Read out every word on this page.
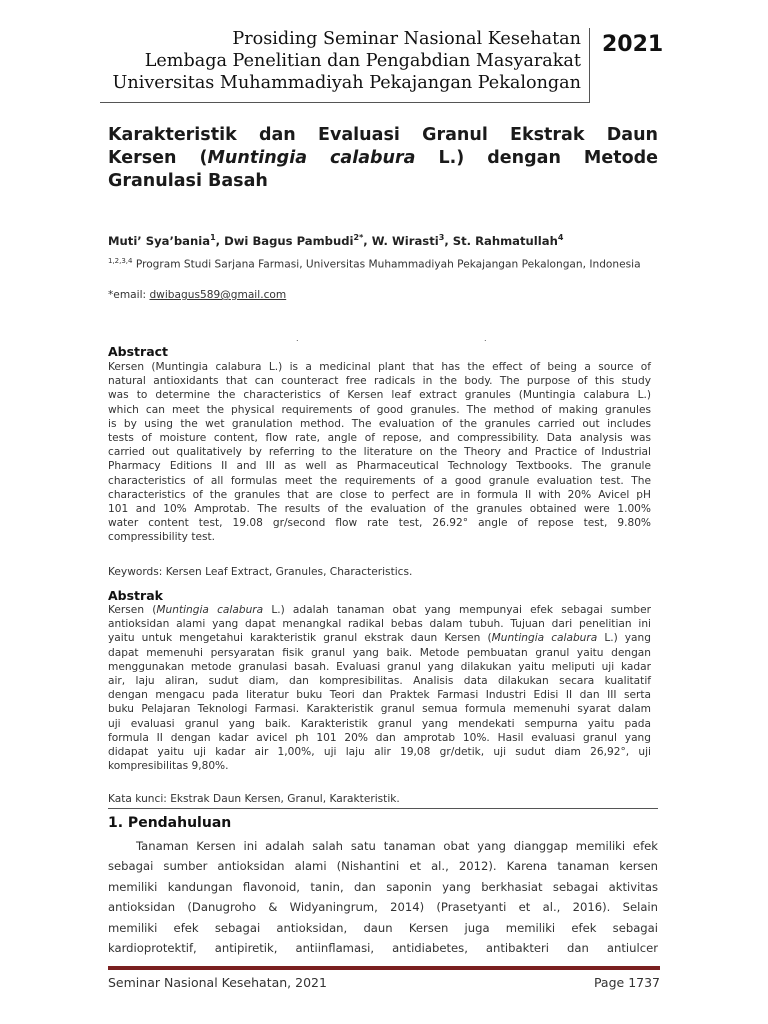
Prosiding Seminar Nasional Kesehatan
Lembaga Penelitian dan Pengabdian Masyarakat
Universitas Muhammadiyah Pekajangan Pekalongan
2021
Karakteristik dan Evaluasi Granul Ekstrak Daun
Kersen (Muntingia calabura L.) dengan Metode
Granulasi Basah
Muti’ Sya’bania$^1$, Dwi Bagus Pambudi$^{2*}$, W. Wirasti$^3$, St. Rahmatullah$^4$
$^{1,2,3,4}$ Program Studi Sarjana Farmasi, Universitas Muhammadiyah Pekajangan Pekalongan, Indonesia
*email: dwibagus589@gmail.com
.	.
Abstract
Kersen (Muntingia calabura L.) is a medicinal plant that has the effect of being a source of
natural antioxidants that can counteract free radicals in the body. The purpose of this study
was to determine the characteristics of Kersen leaf extract granules (Muntingia calabura L.)
which can meet the physical requirements of good granules. The method of making granules
is by using the wet granulation method. The evaluation of the granules carried out includes
tests of moisture content, flow rate, angle of repose, and compressibility. Data analysis was
carried out qualitatively by referring to the literature on the Theory and Practice of Industrial
Pharmacy Editions II and III as well as Pharmaceutical Technology Textbooks. The granule
characteristics of all formulas meet the requirements of a good granule evaluation test. The
characteristics of the granules that are close to perfect are in formula II with 20% Avicel pH
101 and 10% Amprotab. The results of the evaluation of the granules obtained were 1.00%
water content test, 19.08 gr/second flow rate test, 26.92° angle of repose test, 9.80%
compressibility test.
Keywords: Kersen Leaf Extract, Granules, Characteristics.
Abstrak
Kersen (Muntingia calabura L.) adalah tanaman obat yang mempunyai efek sebagai sumber
antioksidan alami yang dapat menangkal radikal bebas dalam tubuh. Tujuan dari penelitian ini
yaitu untuk mengetahui karakteristik granul ekstrak daun Kersen (Muntingia calabura L.) yang
dapat memenuhi persyaratan fisik granul yang baik. Metode pembuatan granul yaitu dengan
menggunakan metode granulasi basah. Evaluasi granul yang dilakukan yaitu meliputi uji kadar
air, laju aliran, sudut diam, dan kompresibilitas. Analisis data dilakukan secara kualitatif
dengan mengacu pada literatur buku Teori dan Praktek Farmasi Industri Edisi II dan III serta
buku Pelajaran Teknologi Farmasi. Karakteristik granul semua formula memenuhi syarat dalam
uji evaluasi granul yang baik. Karakteristik granul yang mendekati sempurna yaitu pada
formula II dengan kadar avicel ph 101 20% dan amprotab 10%. Hasil evaluasi granul yang
didapat yaitu uji kadar air 1,00%, uji laju alir 19,08 gr/detik, uji sudut diam 26,92°, uji
kompresibilitas 9,80%.
Kata kunci: Ekstrak Daun Kersen, Granul, Karakteristik.
1. Pendahuluan
Tanaman Kersen ini adalah salah satu tanaman obat yang dianggap memiliki efek
sebagai sumber antioksidan alami (Nishantini et al., 2012). Karena tanaman kersen
memiliki kandungan flavonoid, tanin, dan saponin yang berkhasiat sebagai aktivitas
antioksidan (Danugroho & Widyaningrum, 2014) (Prasetyanti et al., 2016). Selain
memiliki efek sebagai antioksidan, daun Kersen juga memiliki efek sebagai
kardioprotektif, antipiretik, antiinflamasi, antidiabetes, antibakteri dan antiulcer
Seminar Nasional Kesehatan, 2021	Page 1737
